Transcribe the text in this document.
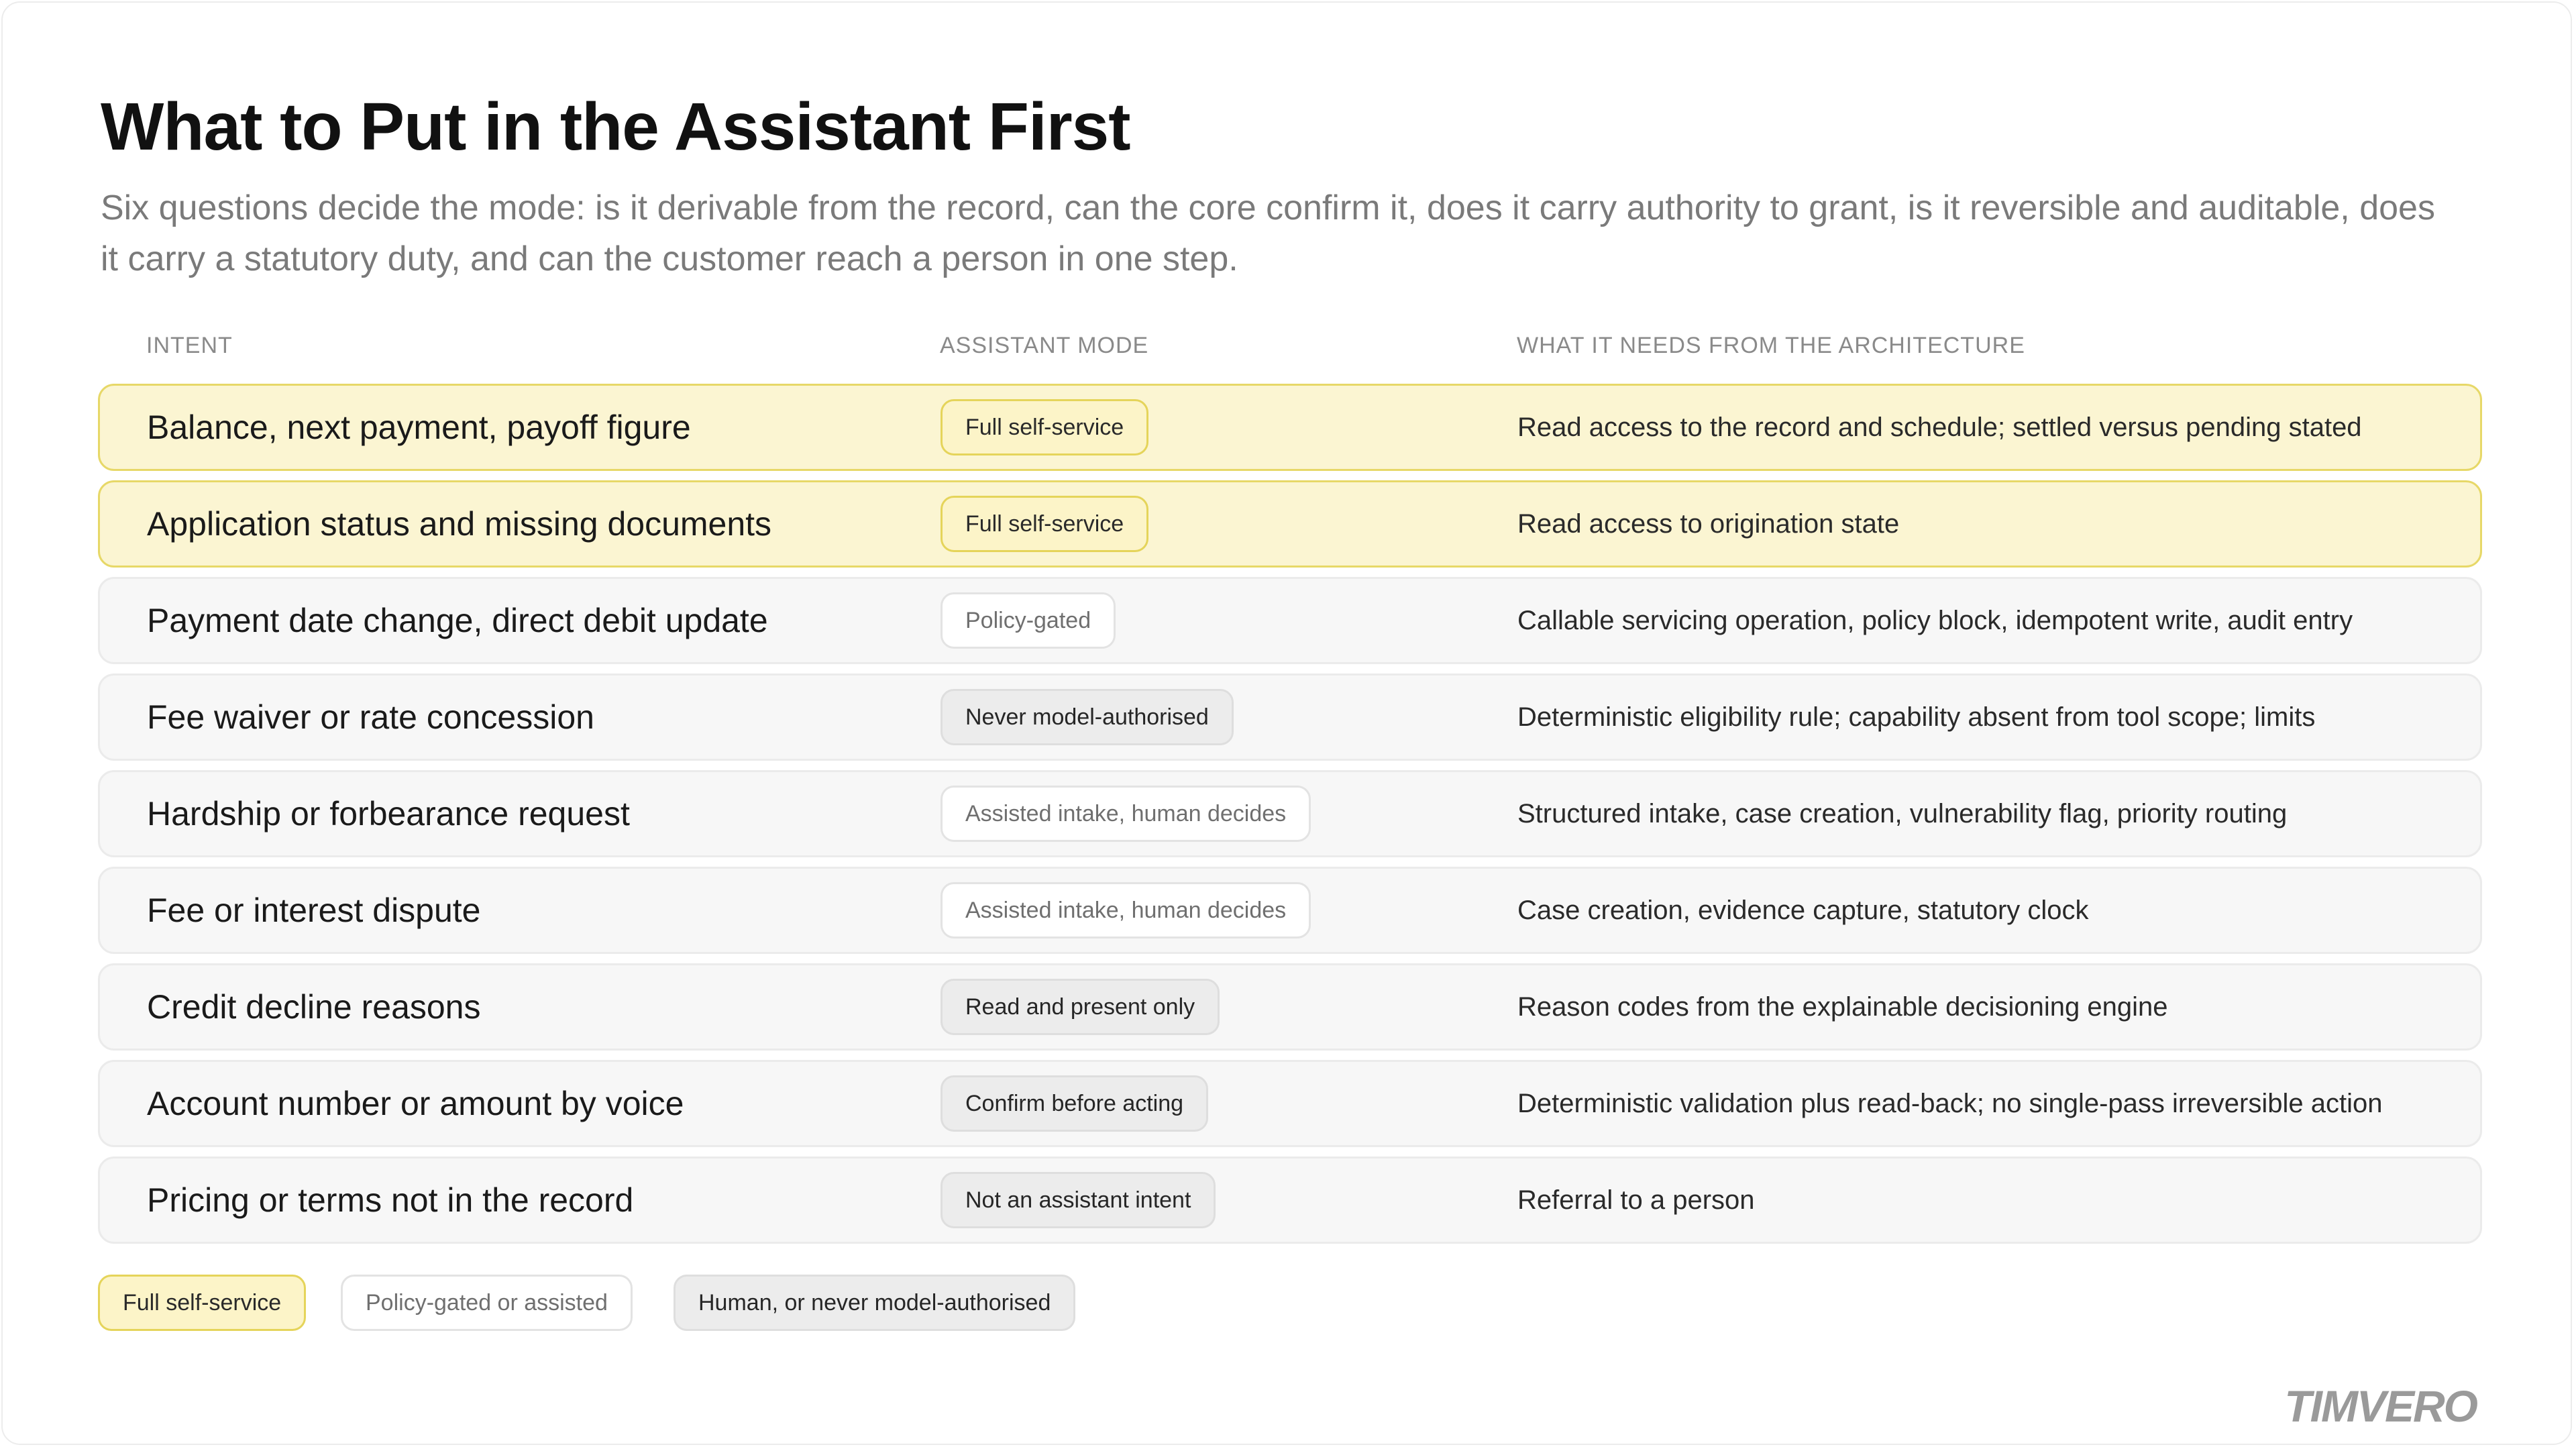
What to Put in the Assistant First

Six questions decide the mode: is it derivable from the record, can the core confirm it, does it carry authority to grant, is it reversible and auditable, does it carry a statutory duty, and can the customer reach a person in one step.

INTENT	ASSISTANT MODE	WHAT IT NEEDS FROM THE ARCHITECTURE
Balance, next payment, payoff figure	Full self-service	Read access to the record and schedule; settled versus pending stated
Application status and missing documents	Full self-service	Read access to origination state
Payment date change, direct debit update	Policy-gated	Callable servicing operation, policy block, idempotent write, audit entry
Fee waiver or rate concession	Never model-authorised	Deterministic eligibility rule; capability absent from tool scope; limits
Hardship or forbearance request	Assisted intake, human decides	Structured intake, case creation, vulnerability flag, priority routing
Fee or interest dispute	Assisted intake, human decides	Case creation, evidence capture, statutory clock
Credit decline reasons	Read and present only	Reason codes from the explainable decisioning engine
Account number or amount by voice	Confirm before acting	Deterministic validation plus read-back; no single-pass irreversible action
Pricing or terms not in the record	Not an assistant intent	Referral to a person
Full self-service	Policy-gated or assisted	Human, or never model-authorised
TIMVERO
